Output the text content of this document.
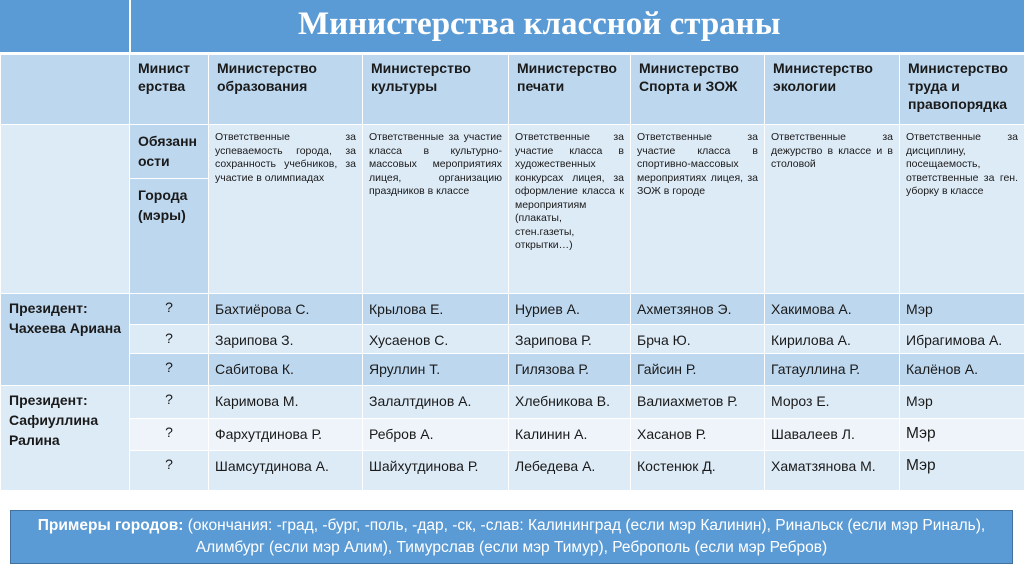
Министерства классной страны
	Минист ерства	Министерство образования	Министерство культуры	Министерство печати	Министерство Спорта и ЗОЖ	Министерство экологии	Министерство труда и правопорядка
	Обязанн ости	Ответственные за успеваемость города, за сохранность учебников, за участие в олимпиадах	Ответственные за участие класса в культурно-массовых мероприятиях лицея, организацию праздников в классе	Ответственные за участие класса в художественных конкурсах лицея, за оформление класса к мероприятиям (плакаты, стен.газеты, открытки…)	Ответственные за участие класса в спортивно-массовых мероприятиях лицея, за ЗОЖ в городе	Ответственные за дежурство в классе и в столовой	Ответственные за дисциплину, посещаемость, ответственные за ген. уборку в классе
	Города (мэры)						
Президент: Чахеева Ариана	?	Бахтиёрова С.	Крылова Е.	Нуриев А.	Ахметзянов Э.	Хакимова А.	Мэр
	?	Зарипова З.	Хусаенов С.	Зарипова Р.	Брча Ю.	Кирилова А.	Ибрагимова А.
	?	Сабитова К.	Яруллин Т.	Гилязова Р.	Гайсин Р.	Гатауллина Р.	Калёнов А.
Президент: Сафиуллина Ралина	?	Каримова М.	Залалтдинов А.	Хлебникова В.	Валиахметов Р.	Мороз Е.	Мэр
	?	Фархутдинова Р.	Ребров А.	Калинин А.	Хасанов Р.	Шавалеев Л.	Мэр
	?	Шамсутдинова А.	Шайхутдинова Р.	Лебедева А.	Костенюк Д.	Хаматзянова М.	Мэр
Примеры городов: (окончания: -град, -бург, -поль, -дар, -ск, -слав: Калининград (если мэр Калинин), Ринальск (если мэр Риналь), Алимбург (если мэр Алим), Тимурслав (если мэр Тимур), Реброполь (если мэр Ребров)
